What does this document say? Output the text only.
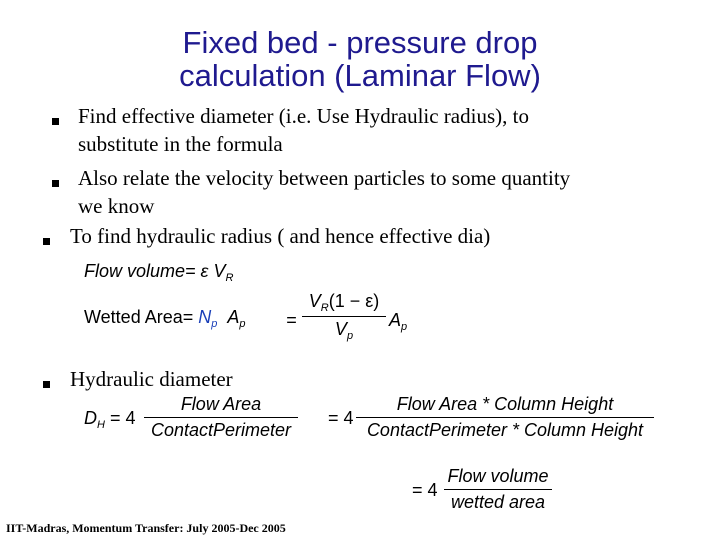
Fixed bed - pressure drop
calculation (Laminar Flow)
Find effective diameter (i.e. Use Hydraulic radius), to
substitute in the formula
Also relate the velocity between particles to some quantity
we know
To find hydraulic radius ( and hence effective dia)
Flow volume= ε $V_R$
Wetted Area= $N_p$ $A_p = \frac{V_R(1 - \varepsilon)}{V_p} A_p$
Hydraulic diameter
$D_H = 4$
Flow Area
ContactPerimeter
= 4
Flow Area * Column Height
ContactPerimeter * Column Height
= 4
Flow volume
wetted area
IIT-Madras, Momentum Transfer: July 2005-Dec 2005
